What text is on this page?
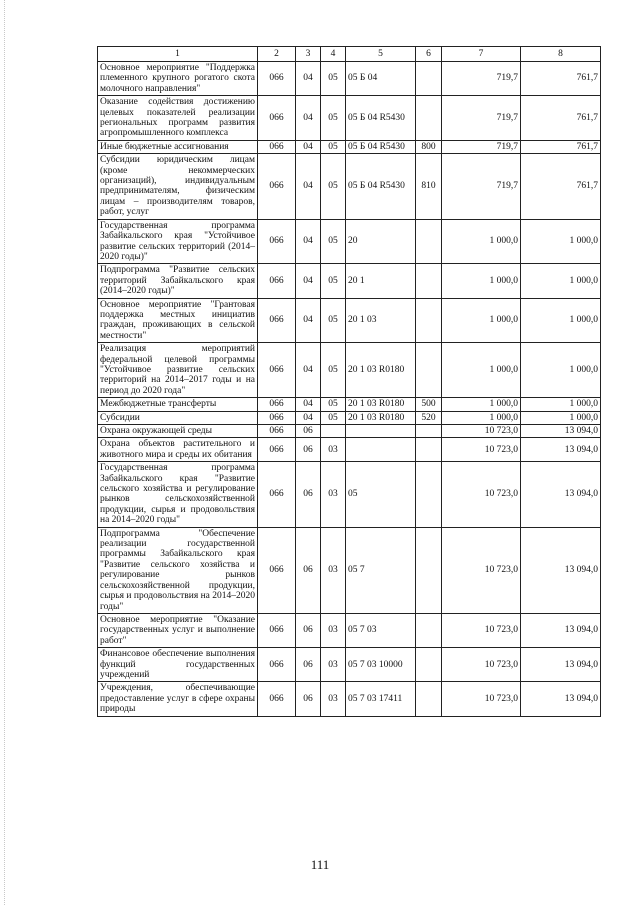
1	2	3	4	5	6	7	8
Основное мероприятие "Поддержка племенного крупного рогатого скота молочного направления"	066	04	05	05 Б 04		719,7	761,7
Оказание содействия достижению целевых показателей реализации региональных программ развития агропромышленного комплекса	066	04	05	05 Б 04 R5430		719,7	761,7
Иные бюджетные ассигнования	066	04	05	05 Б 04 R5430	800	719,7	761,7
Субсидии юридическим лицам (кроме некоммерческих организаций), индивидуальным предпринимателям, физическим лицам – производителям товаров, работ, услуг	066	04	05	05 Б 04 R5430	810	719,7	761,7
Государственная программа Забайкальского края "Устойчивое развитие сельских территорий (2014–2020 годы)"	066	04	05	20		1 000,0	1 000,0
Подпрограмма "Развитие сельских территорий Забайкальского края (2014–2020 годы)"	066	04	05	20 1		1 000,0	1 000,0
Основное мероприятие "Грантовая поддержка местных инициатив граждан, проживающих в сельской местности"	066	04	05	20 1 03		1 000,0	1 000,0
Реализация мероприятий федеральной целевой программы "Устойчивое развитие сельских территорий на 2014–2017 годы и на период до 2020 года"	066	04	05	20 1 03 R0180		1 000,0	1 000,0
Межбюджетные трансферты	066	04	05	20 1 03 R0180	500	1 000,0	1 000,0
Субсидии	066	04	05	20 1 03 R0180	520	1 000,0	1 000,0
Охрана окружающей среды	066	06				10 723,0	13 094,0
Охрана объектов растительного и животного мира и среды их обитания	066	06	03			10 723,0	13 094,0
Государственная программа Забайкальского края "Развитие сельского хозяйства и регулирование рынков сельскохозяйственной продукции, сырья и продовольствия на 2014–2020 годы"	066	06	03	05		10 723,0	13 094,0
Подпрограмма "Обеспечение реализации государственной программы Забайкальского края "Развитие сельского хозяйства и регулирование рынков сельскохозяйственной продукции, сырья и продовольствия на 2014–2020 годы"	066	06	03	05 7		10 723,0	13 094,0
Основное мероприятие "Оказание государственных услуг и выполнение работ"	066	06	03	05 7 03		10 723,0	13 094,0
Финансовое обеспечение выполнения функций государственных учреждений	066	06	03	05 7 03 10000		10 723,0	13 094,0
Учреждения, обеспечивающие предоставление услуг в сфере охраны природы	066	06	03	05 7 03 17411		10 723,0	13 094,0
111
